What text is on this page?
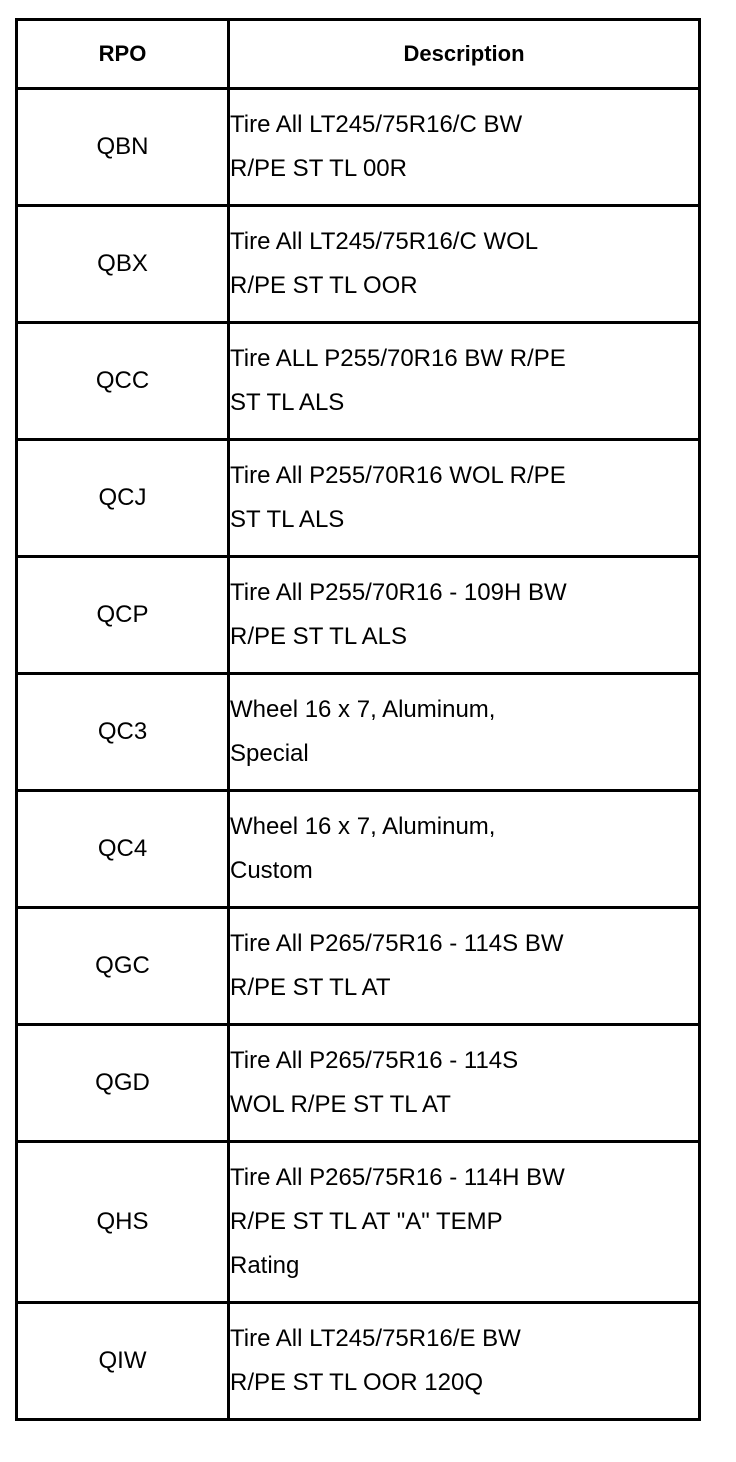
RPO	Description
QBN	Tire All LT245/75R16/C BW
R/PE ST TL 00R

QBX	Tire All LT245/75R16/C WOL
R/PE ST TL OOR

QCC	Tire ALL P255/70R16 BW R/PE
ST TL ALS

QCJ	Tire All P255/70R16 WOL R/PE
ST TL ALS

QCP	Tire All P255/70R16 - 109H BW
R/PE ST TL ALS

QC3	Wheel 16 x 7, Aluminum,
Special

QC4	Wheel 16 x 7, Aluminum,
Custom

QGC	Tire All P265/75R16 - 114S BW
R/PE ST TL AT

QGD	Tire All P265/75R16 - 114S
WOL R/PE ST TL AT

QHS	Tire All P265/75R16 - 114H BW
R/PE ST TL AT "A" TEMP
Rating

QIW	Tire All LT245/75R16/E BW
R/PE ST TL OOR 120Q
